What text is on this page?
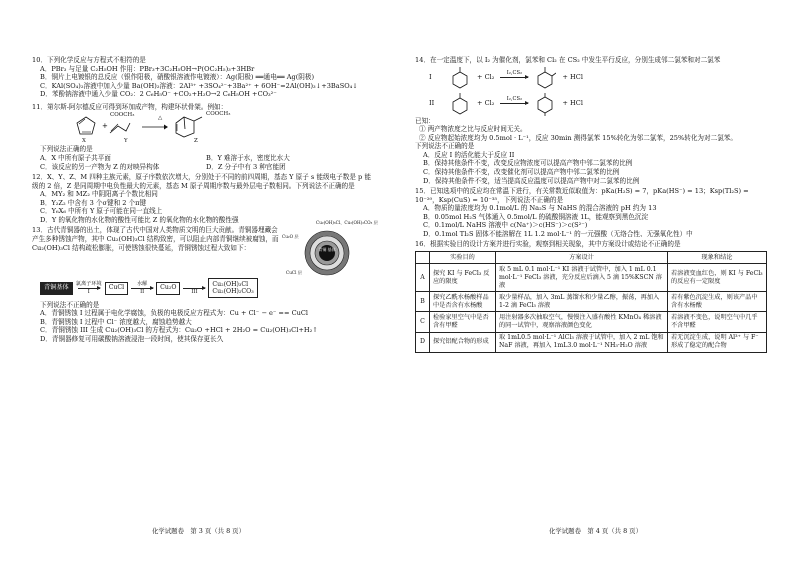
10．下列化学反应与方程式不相符的是
A．PBr₃ 与足量 C₂H₅OH 作用：PBr₃+3C₂H₅OH→P(OC₂H₅)₃+3HBr
B．铜片上电镀银的总反应（银作阳极，硝酸银溶液作电镀液）：Ag(阳极) ══通电══ Ag(阴极)
C．KAl(SO₄)₂溶液中加入少量 Ba(OH)₂溶液：2Al³⁺ +3SO₄²⁻+3Ba²⁺ + 6OH⁻=2Al(OH)₃↓+3BaSO₄↓
D．苯酚钠溶液中通入少量 CO₂：2 C₆H₅O⁻ +CO₂+H₂O→2 C₆H₅OH +CO₃²⁻
11．第尔斯-阿尔德反应可得到环加成产物，构建环状骨架。例如：
+
X	Y
△
Z
COOCH₃	COOCH₃
下列说法正确的是
A．X 中所有原子共平面	B．Y 难溶于水，密度比水大
C．该反应的另一产物为 Z 的对映异构体	D．Z 分子中有 3 种官能团
12．X、Y、Z、M 四种主族元素，原子序数依次增大，分别处于不同的前四周期，基态 Y 原子 s 能级电子数是 p 能级的 2 倍，Z 是同周期中电负性最大的元素，基态 M 原子周期序数与最外层电子数相同。下列说法不正确的是
A．MY₂ 和 MZ₂ 中阴阳离子个数比相同
B．Y₂Z₂ 中含有 3 个σ键和 2 个π键
C．Y₆X₆ 中所有 Y 原子可能在同一直线上
D．Y 的氧化物的水化物的酸性可能比 Z 的氧化物的水化物的酸性强
13．古代青铜器的出土，体现了古代中国对人类物质文明的巨大贡献。青铜器埋藏会产生多种锈蚀产物，其中 Cu₂(OH)₃Cl 结构致密，可以阻止内部青铜继续被腐蚀，而 Cu₂(OH)₃Cl 结构疏松膨胀，可使锈蚀很快蔓延，青铜锈蚀过程大致如下：	青铜 基体
Cu₂(OH)₃Cl、Cu₂(OH)₂CO₃ 层
Cu₂O 层
CuCl 层
青铜基体
氯离子环境
I
CuCl
水解
II
Cu₂O

III
Cu₂(OH)₃Cl
Cu₂(OH)₂CO₃
下列说法不正确的是
A．青铜锈蚀 I 过程属于电化学腐蚀，负极的电极反应方程式为：Cu + Cl⁻ − e⁻ == CuCl
B．青铜锈蚀 I 过程中 Cl⁻ 浓度越大，腐蚀趋势越大
C．青铜锈蚀 III 生成 Cu₂(OH)₃Cl 的方程式为：Cu₂O +HCl + 2H₂O = Cu₂(OH)₃Cl+H₂↑
D．青铜器修复可用碳酸钠溶液浸泡一段时间，使其保存更长久
化学试题卷　第 3 页（共 8 页）
14．在一定温度下，以 I₂ 为催化剂，氯苯和 Cl₂ 在 CS₂ 中发生平行反应，分别生成邻二氯苯和对二氯苯
I	+ Cl₂ I₂,CS₂
	+ HCl
II	+ Cl₂ I₂,CS₂
	+ HCl
已知：
① 两产物浓度之比与反应时间无关。
② 反应物起始浓度均为 0.5mol · L⁻¹，反应 30min 测得氯苯 15%转化为邻二氯苯，25%转化为对二氯苯。
下列说法不正确的是
A．反应 I 的活化能大于反应 II
B．保持其他条件不变，改变反应物浓度可以提高产物中邻二氯苯的比例
C．保持其他条件不变，改变催化剂可以提高产物中邻二氯苯的比例
D．保持其他条件不变，适当提高反应温度可以提高产物中对二氯苯的比例
15．已知选项中的反应均在常温下进行，有关常数近似取值为：pKa(H₂S) = 7，pKa(HS⁻) = 13；Ksp(Tl₂S) = 10⁻²⁰，Ksp(CuS) = 10⁻³⁵，下列说法不正确的是
A．物质的量浓度均为 0.1mol/L 的 Na₂S 与 NaHS 的混合溶液的 pH 约为 13
B．0.05mol H₂S 气体通入 0.5mol/L 的硫酸铜溶液 1L，能观察到黑色沉淀
C．0.1mol/L NaHS 溶液中 c(Na⁺)＞c(HS⁻)＞c(S²⁻)
D．0.1mol Tl₂S 固体不能溶解在 1L 1.2 mol·L⁻¹ 的一元强酸（无络合性、无强氧化性）中
16．根据实验目的设计方案并进行实验，观察到相关现象，其中方案设计或结论不正确的是
	实验目的	方案设计	现象和结论
A	探究 KI 与 FeCl₃ 反应的限度	取 5 mL 0.1 mol·L⁻¹ KI 溶液于试管中，加入 1 mL 0.1 mol·L⁻¹ FeCl₃ 溶液，充分反应后滴入 5 滴 15%KSCN 溶液	若溶液变血红色，则 KI 与 FeCl₃ 的反应有一定限度
B	探究乙酰水杨酸样品中是否含有水杨酸	取少量样品，加入 3mL 蒸馏水和少量乙醇，振荡，再加入 1-2 滴 FeCl₃ 溶液	若有紫色沉淀生成，则该产品中含有水杨酸
C	检验家里空气中是否含有甲醛	用注射器多次抽取空气，慢慢注入盛有酸性 KMnO₄ 稀溶液的同一试管中，观察溶液颜色变化	若溶液不变色，说明空气中几乎不含甲醛
D	探究铝配合物的形成	取 1mL0.5 mol·L⁻¹ AlCl₃ 溶液于试管中，加入 2 mL 饱和 NaF 溶液，再加入 1mL3.0 mol·L⁻¹ NH₃·H₂O 溶液	若无沉淀生成，说明 Al³⁺ 与 F⁻ 形成了稳定的配合物
化学试题卷　第 4 页（共 8 页）
